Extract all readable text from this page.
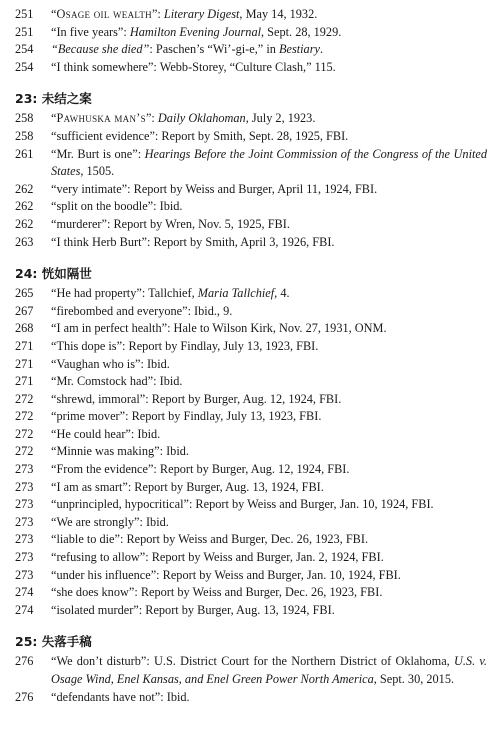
251	“Osage oil wealth”: Literary Digest, May 14, 1932.
251	“In five years”: Hamilton Evening Journal, Sept. 28, 1929.
254	“Because she died”: Paschen’s “Wi’-gi-e,” in Bestiary.
254	“I think somewhere”: Webb-Storey, “Culture Clash,” 115.
23: 未结之案
258	“Pawhuska man’s”: Daily Oklahoman, July 2, 1923.
258	“sufficient evidence”: Report by Smith, Sept. 28, 1925, FBI.
261	“Mr. Burt is one”: Hearings Before the Joint Commission of the Congress of the United States, 1505.
262	“very intimate”: Report by Weiss and Burger, April 11, 1924, FBI.
262	“split on the boodle”: Ibid.
262	“murderer”: Report by Wren, Nov. 5, 1925, FBI.
263	“I think Herb Burt”: Report by Smith, April 3, 1926, FBI.
24: 恍如隔世
265	“He had property”: Tallchief, Maria Tallchief, 4.
267	“firebombed and everyone”: Ibid., 9.
268	“I am in perfect health”: Hale to Wilson Kirk, Nov. 27, 1931, ONM.
271	“This dope is”: Report by Findlay, July 13, 1923, FBI.
271	“Vaughan who is”: Ibid.
271	“Mr. Comstock had”: Ibid.
272	“shrewd, immoral”: Report by Burger, Aug. 12, 1924, FBI.
272	“prime mover”: Report by Findlay, July 13, 1923, FBI.
272	“He could hear”: Ibid.
272	“Minnie was making”: Ibid.
273	“From the evidence”: Report by Burger, Aug. 12, 1924, FBI.
273	“I am as smart”: Report by Burger, Aug. 13, 1924, FBI.
273	“unprincipled, hypocritical”: Report by Weiss and Burger, Jan. 10, 1924, FBI.
273	“We are strongly”: Ibid.
273	“liable to die”: Report by Weiss and Burger, Dec. 26, 1923, FBI.
273	“refusing to allow”: Report by Weiss and Burger, Jan. 2, 1924, FBI.
273	“under his influence”: Report by Weiss and Burger, Jan. 10, 1924, FBI.
274	“she does know”: Report by Weiss and Burger, Dec. 26, 1923, FBI.
274	“isolated murder”: Report by Burger, Aug. 13, 1924, FBI.
25: 失落手稿
276	“We don’t disturb”: U.S. District Court for the Northern District of Oklahoma, U.S. v. Osage Wind, Enel Kansas, and Enel Green Power North America, Sept. 30, 2015.
276	“defendants have not”: Ibid.
